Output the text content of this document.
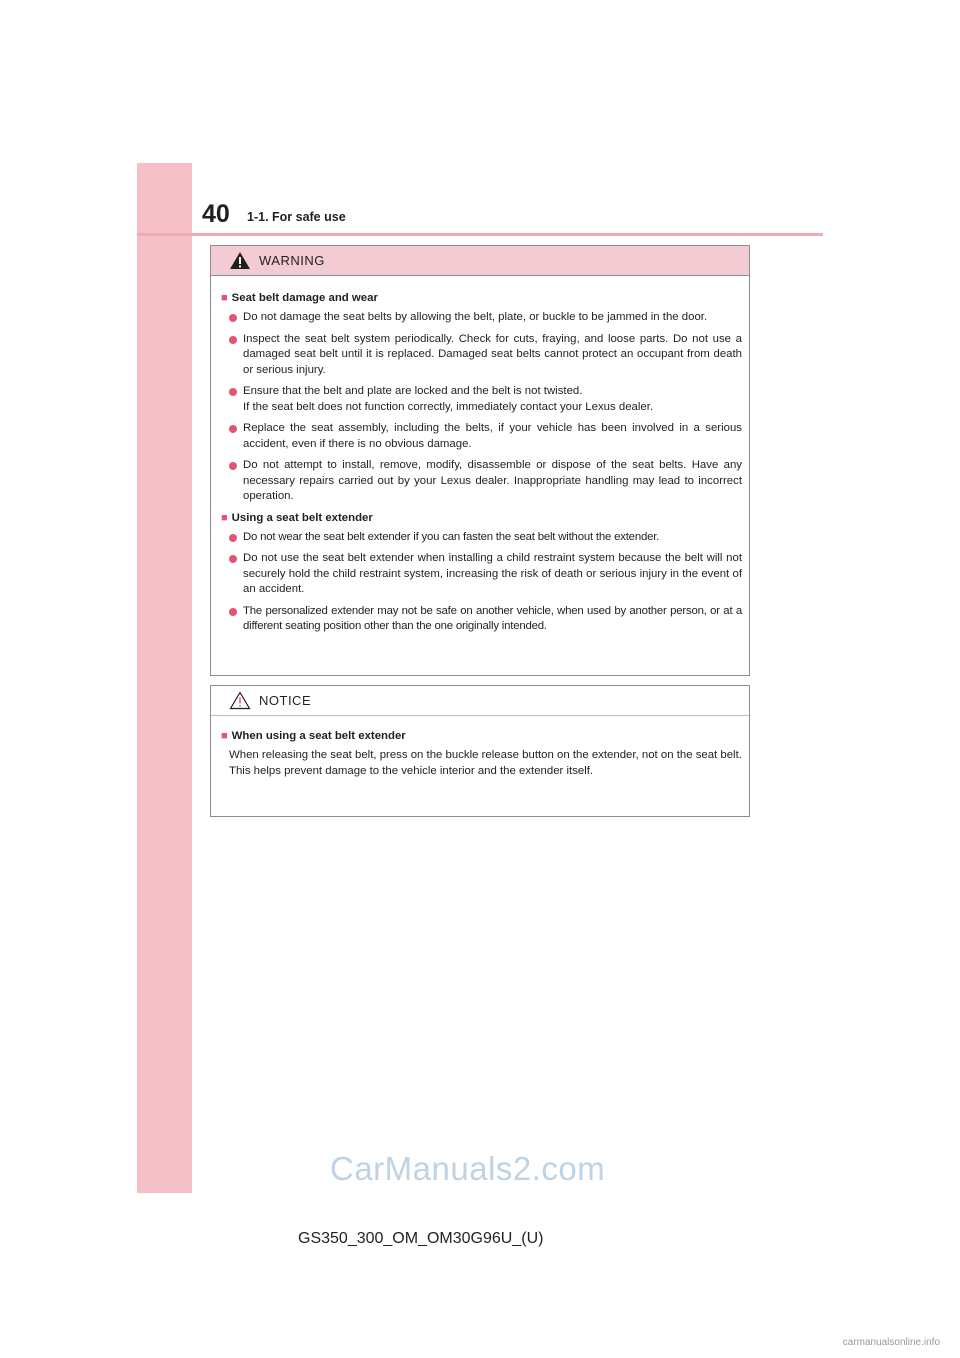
40 1-1. For safe use
WARNING
■ Seat belt damage and wear
Do not damage the seat belts by allowing the belt, plate, or buckle to be jammed in the door.
Inspect the seat belt system periodically. Check for cuts, fraying, and loose parts. Do not use a damaged seat belt until it is replaced. Damaged seat belts cannot protect an occupant from death or serious injury.
Ensure that the belt and plate are locked and the belt is not twisted.
If the seat belt does not function correctly, immediately contact your Lexus dealer.
Replace the seat assembly, including the belts, if your vehicle has been involved in a serious accident, even if there is no obvious damage.
Do not attempt to install, remove, modify, disassemble or dispose of the seat belts. Have any necessary repairs carried out by your Lexus dealer. Inappropriate handling may lead to incorrect operation.
■ Using a seat belt extender
Do not wear the seat belt extender if you can fasten the seat belt without the extender.
Do not use the seat belt extender when installing a child restraint system because the belt will not securely hold the child restraint system, increasing the risk of death or serious injury in the event of an accident.
The personalized extender may not be safe on another vehicle, when used by another person, or at a different seating position other than the one originally intended.
NOTICE
■ When using a seat belt extender

When releasing the seat belt, press on the buckle release button on the extender, not on the seat belt.

This helps prevent damage to the vehicle interior and the extender itself.

CarManuals2.com
GS350_300_OM_OM30G96U_(U)
carmanualsonline.info
